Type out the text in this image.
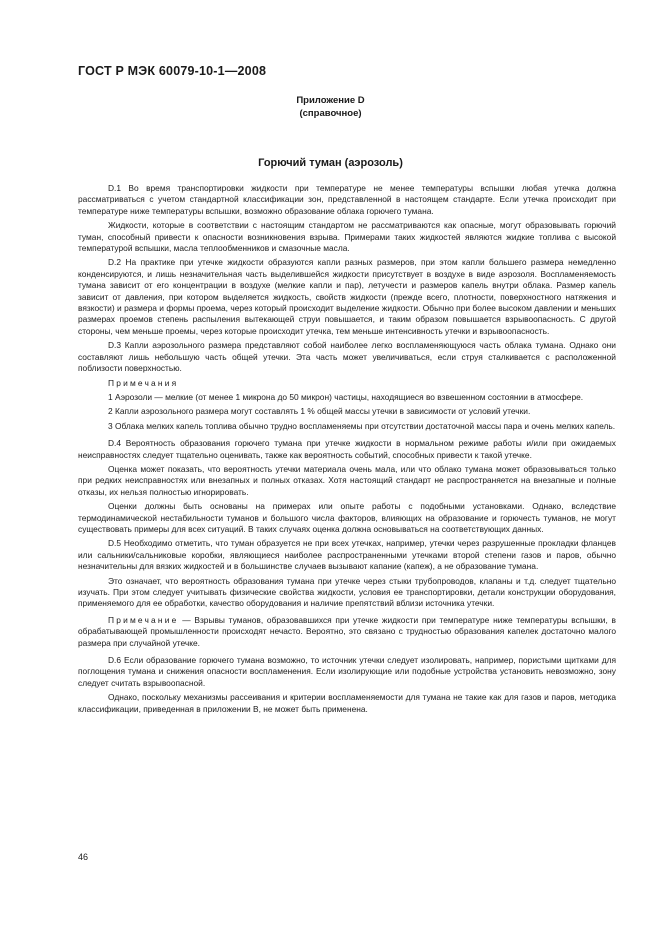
ГОСТ Р МЭК 60079-10-1—2008
Приложение D
(справочное)
Горючий туман (аэрозоль)

D.1 Во время транспортировки жидкости при температуре не менее температуры вспышки любая утечка должна рассматриваться с учетом стандартной классификации зон, представленной в настоящем стандарте. Если утечка происходит при температуре ниже температуры вспышки, возможно образование облака горючего тумана.

Жидкости, которые в соответствии с настоящим стандартом не рассматриваются как опасные, могут образовывать горючий туман, способный привести к опасности возникновения взрыва. Примерами таких жидкостей являются жидкие топлива с высокой температурой вспышки, масла теплообменников и смазочные масла.

D.2 На практике при утечке жидкости образуются капли разных размеров, при этом капли большего размера немедленно конденсируются, и лишь незначительная часть выделившейся жидкости присутствует в воздухе в виде аэрозоля. Воспламеняемость тумана зависит от его концентрации в воздухе (мелкие капли и пар), летучести и размеров капель внутри облака. Размер капель зависит от давления, при котором выделяется жидкость, свойств жидкости (прежде всего, плотности, поверхностного натяжения и вязкости) и размера и формы проема, через который происходит выделение жидкости. Обычно при более высоком давлении и меньших размерах проемов степень распыления вытекающей струи повышается, и таким образом повышается взрывоопасность. С другой стороны, чем меньше проемы, через которые происходит утечка, тем меньше интенсивность утечки и взрывоопасность.

D.3 Капли аэрозольного размера представляют собой наиболее легко воспламеняющуюся часть облака тумана. Однако они составляют лишь небольшую часть общей утечки. Эта часть может увеличиваться, если струя сталкивается с расположенной поблизости поверхностью.

Примечания

1 Аэрозоли — мелкие (от менее 1 микрона до 50 микрон) частицы, находящиеся во взвешенном состоянии в атмосфере.

2 Капли аэрозольного размера могут составлять 1 % общей массы утечки в зависимости от условий утечки.

3 Облака мелких капель топлива обычно трудно воспламеняемы при отсутствии достаточной массы пара и очень мелких капель.

D.4 Вероятность образования горючего тумана при утечке жидкости в нормальном режиме работы и/или при ожидаемых неисправностях следует тщательно оценивать, также как вероятность событий, способных привести к такой утечке.

Оценка может показать, что вероятность утечки материала очень мала, или что облако тумана может образовываться только при редких неисправностях или внезапных и полных отказах. Хотя настоящий стандарт не распространяется на внезапные и полные отказы, их нельзя полностью игнорировать.

Оценки должны быть основаны на примерах или опыте работы с подобными установками. Однако, вследствие термодинамической нестабильности туманов и большого числа факторов, влияющих на образование и горючесть туманов, не могут существовать примеры для всех ситуаций. В таких случаях оценка должна основываться на соответствующих данных.

D.5 Необходимо отметить, что туман образуется не при всех утечках, например, утечки через разрушенные прокладки фланцев или сальники/сальниковые коробки, являющиеся наиболее распространенными утечками второй степени газов и паров, обычно незначительны для вязких жидкостей и в большинстве случаев вызывают капание (капеж), а не образование тумана.

Это означает, что вероятность образования тумана при утечке через стыки трубопроводов, клапаны и т.д. следует тщательно изучать. При этом следует учитывать физические свойства жидкости, условия ее транспортировки, детали конструкции оборудования, применяемого для ее обработки, качество оборудования и наличие препятствий вблизи источника утечки.

Примечание — Взрывы туманов, образовавшихся при утечке жидкости при температуре ниже температуры вспышки, в обрабатывающей промышленности происходят нечасто. Вероятно, это связано с трудностью образования капелек достаточно малого размера при случайной утечке.

D.6 Если образование горючего тумана возможно, то источник утечки следует изолировать, например, пористыми щитками для поглощения тумана и снижения опасности воспламенения. Если изолирующие или подобные устройства установить невозможно, зону следует считать взрывоопасной.

Однако, поскольку механизмы рассеивания и критерии воспламеняемости для тумана не такие как для газов и паров, методика классификации, приведенная в приложении В, не может быть применена.

46
